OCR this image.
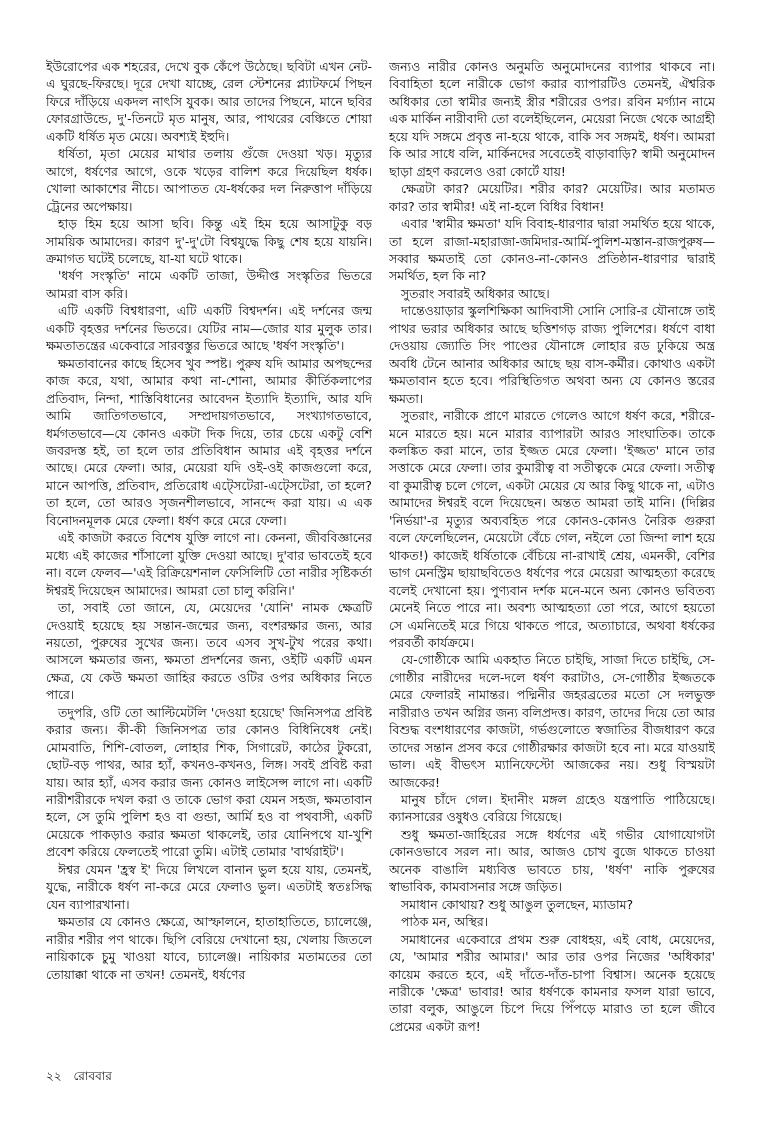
ইউরোপের এক শহরের, দেখে বুক কেঁপে উঠেছে। ছবিটা এখন নেট-এ ঘুরছে-ফিরছে। দূরে দেখা যাচ্ছে, রেল স্টেশনের প্ল্যাটফর্মে পিছন ফিরে দাঁড়িয়ে একদল নাৎসি যুবক। আর তাদের পিছনে, মানে ছবির ফোরগ্রাউন্ডে, দু'-তিনটে মৃত মানুষ, আর, পাথরের বেঞ্চিতে শোয়া একটি ধর্ষিত মৃত মেয়ে। অবশ্যই ইহুদি।

ধর্ষিতা, মৃতা মেয়ের মাথার তলায় গুঁজে দেওয়া খড়। মৃত্যুর আগে, ধর্ষণের আগে, ওকে খড়ের বালিশ করে দিয়েছিল ধর্ষক। খোলা আকাশের নীচে। আপাতত যে-ধর্ষকের দল নিরুত্তাপ দাঁড়িয়ে ট্রেনের অপেক্ষায়।

হাড় হিম হয়ে আসা ছবি। কিন্তু এই হিম হয়ে আসাটুকু বড় সাময়িক আমাদের। কারণ দু'-দু'টো বিশ্বযুদ্ধে কিছু শেষ হয়ে যায়নি। ক্রমাগত ঘটেই চলেছে, যা-যা ঘটে থাকে।

'ধর্ষণ সংস্কৃতি' নামে একটি তাজা, উদ্দীপ্ত সংস্কৃতির ভিতরে আমরা বাস করি।

এটি একটি বিশ্বধারণা, এটি একটি বিশ্বদর্শন। এই দর্শনের জন্ম একটি বৃহত্তর দর্শনের ভিতরে। যেটির নাম—জোর যার মুলুক তার। ক্ষমতাতন্ত্রের একেবারে সারবস্তুর ভিতরে আছে 'ধর্ষণ সংস্কৃতি'।

ক্ষমতাবানের কাছে হিসেব খুব স্পষ্ট। পুরুষ যদি আমার অপছন্দের কাজ করে, যথা, আমার কথা না-শোনা, আমার কীর্তিকলাপের প্রতিবাদ, নিন্দা, শাস্তিবিধানের আবেদন ইত্যাদি ইত্যাদি, আর যদি আমি জাতিগতভাবে, সম্প্রদায়গতভাবে, সংখ্যাগতভাবে, ধর্মগতভাবে—যে কোনও একটা দিক দিয়ে, তার চেয়ে একটু বেশি জবরদস্ত হই, তা হলে তার প্রতিবিধান আমার এই বৃহত্তর দর্শনে আছে। মেরে ফেলা। আর, মেয়েরা যদি ওই-ওই কাজগুলো করে, মানে আপত্তি, প্রতিবাদ, প্রতিরোধ এট্সেটেরা-এট্সেটেরা, তা হলে? তা হলে, তো আরও সৃজনশীলভাবে, সানন্দে করা যায়। এ এক বিনোদনমূলক মেরে ফেলা। ধর্ষণ করে মেরে ফেলা।

এই কাজটা করতে বিশেষ যুক্তি লাগে না। কেননা, জীববিজ্ঞানের মধ্যে এই কাজের শাঁসালো যুক্তি দেওয়া আছে। দু'বার ভাবতেই হবে না। বলে ফেলব—'এই রিক্রিয়েশনাল ফেসিলিটি তো নারীর সৃষ্টিকর্তা ঈশ্বরই দিয়েছেন আমাদের। আমরা তো চালু করিনি।'

তা, সবাই তো জানে, যে, মেয়েদের 'যোনি' নামক ক্ষেত্রটি দেওয়াই হয়েছে হয় সন্তান-জন্মের জন্য, বংশরক্ষার জন্য, আর নয়তো, পুরুষের সুখের জন্য। তবে এসব সুখ-টুখ পরের কথা। আসলে ক্ষমতার জন্য, ক্ষমতা প্রদর্শনের জন্য, ওইটি একটি এমন ক্ষেত্র, যে কেউ ক্ষমতা জাহির করতে ওটির ওপর অধিকার নিতে পারে।

তদুপরি, ওটি তো আল্টিমেটলি 'দেওয়া হয়েছে' জিনিসপত্র প্রবিষ্ট করার জন্য। কী-কী জিনিসপত্র তার কোনও বিধিনিষেধ নেই। মোমবাতি, শিশি-বোতল, লোহার শিক, সিগারেট, কাঠের টুকরো, ছোট-বড় পাথর, আর হ্যাঁ, কখনও-কখনও, লিঙ্গ। সবই প্রবিষ্ট করা যায়। আর হ্যাঁ, এসব করার জন্য কোনও লাইসেন্স লাগে না। একটি নারীশরীরকে দখল করা ও তাকে ভোগ করা যেমন সহজ, ক্ষমতাবান হলে, সে তুমি পুলিশ হও বা গুন্ডা, আর্মি হও বা পথবাসী, একটি মেয়েকে পাকড়াও করার ক্ষমতা থাকলেই, তার যোনিপথে যা-খুশি প্রবেশ করিয়ে ফেলতেই পারো তুমি। এটাই তোমার 'বার্থরাইট'।

ঈশ্বর যেমন 'হ্রস্ব ই' দিয়ে লিখলে বানান ভুল হয়ে যায়, তেমনই, যুদ্ধে, নারীকে ধর্ষণ না-করে মেরে ফেলাও ভুল। এতটাই স্বতঃসিদ্ধ যেন ব্যাপারখানা।

ক্ষমতার যে কোনও ক্ষেত্রে, আস্ফালনে, হাতাহাতিতে, চ্যালেঞ্জে, নারীর শরীর পণ থাকে। ছিপি বেরিয়ে দেখানো হয়, খেলায় জিতলে নায়িকাকে চুমু খাওয়া যাবে, চ্যালেঞ্জ। নায়িকার মতামতের তো তোয়াক্কা থাকে না তখন! তেমনই, ধর্ষণের

জন্যও নারীর কোনও অনুমতি অনুমোদনের ব্যাপার থাকবে না। বিবাহিতা হলে নারীকে ভোগ করার ব্যাপারটিও তেমনই, ঐশ্বরিক অধিকার তো স্বামীর জন্যই স্ত্রীর শরীরের ওপর। রবিন মর্গ্যান নামে এক মার্কিন নারীবাদী তো বলেইছিলেন, মেয়েরা নিজে থেকে আগ্রহী হয়ে যদি সঙ্গমে প্রবৃত্ত না-হয়ে থাকে, বাকি সব সঙ্গমই, ধর্ষণ। আমরা কি আর সাধে বলি, মার্কিনদের সবেতেই বাড়াবাড়ি? স্বামী অনুমোদন ছাড়া গ্রহণ করলেও ওরা কোর্টে যায়!

ক্ষেত্রটা কার? মেয়েটির। শরীর কার? মেয়েটির। আর মতামত কার? তার স্বামীর! এই না-হলে বিধির বিধান!

এবার 'স্বামীর ক্ষমতা' যদি বিবাহ-ধারণার দ্বারা সমর্থিত হয়ে থাকে, তা হলে রাজা-মহারাজা-জমিদার-আর্মি-পুলিশ-মস্তান-রাজপুরুষ—সব্বার ক্ষমতাই তো কোনও-না-কোনও প্রতিষ্ঠান-ধারণার দ্বারাই সমর্থিত, হল কি না?

সুতরাং সবারই অধিকার আছে।

দান্তেওয়াড়ার স্কুলশিক্ষিকা আদিবাসী সোনি সোরি-র যৌনাঙ্গে তাই পাথর ভরার অধিকার আছে ছত্তিশগড় রাজ্য পুলিশের। ধর্ষণে বাধা দেওয়ায় জ্যোতি সিং পাণ্ডের যৌনাঙ্গে লোহার রড ঢুকিয়ে অন্ত্র অবধি টেনে আনার অধিকার আছে ছয় বাস-কর্মীর। কোথাও একটা ক্ষমতাবান হতে হবে। পরিস্থিতিগত অথবা অন্য যে কোনও স্তরের ক্ষমতা।

সুতরাং, নারীকে প্রাণে মারতে গেলেও আগে ধর্ষণ করে, শরীরে-মনে মারতে হয়। মনে মারার ব্যাপারটা আরও সাংঘাতিক। তাকে কলঙ্কিত করা মানে, তার ইজ্জত মেরে ফেলা। 'ইজ্জত' মানে তার সত্তাকে মেরে ফেলা। তার কুমারীত্ব বা সতীত্বকে মেরে ফেলা। সতীত্ব বা কুমারীত্ব চলে গেলে, একটা মেয়ের যে আর কিছু থাকে না, এটাও আমাদের ঈশ্বরই বলে দিয়েছেন। অন্তত আমরা তাই মানি। (দিল্লির 'নির্ভয়া'-র মৃত্যুর অব্যবহিত পরে কোনও-কোনও নৈরিক গুরুরা বলে ফেলেছিলেন, মেয়েটো বেঁচে গেল, নইলে তো জিন্দা লাশ হয়ে থাকত!) কাজেই ধর্ষিতাকে বেঁচিয়ে না-রাখাই শ্রেয়, এমনকী, বেশির ভাগ মেনস্ট্রিম ছায়াছবিতেও ধর্ষণের পরে মেয়েরা আত্মহত্যা করেছে বলেই দেখানো হয়। পুণ্যবান দর্শক মনে-মনে অন্য কোনও ভবিতব্য মেনেই নিতে পারে না। অবশ্য আত্মহত্যা তো পরে, আগে হয়তো সে এমনিতেই মরে গিয়ে থাকতে পারে, অত্যাচারে, অথবা ধর্ষকের পরবর্তী কার্যক্রমে।

যে-গোষ্ঠীকে আমি একহাত নিতে চাইছি, সাজা দিতে চাইছি, সে-গোষ্ঠীর নারীদের দলে-দলে ধর্ষণ করাটাও, সে-গোষ্ঠীর ইজ্জতকে মেরে ফেলারই নামান্তর। পদ্মিনীর জহরব্রতের মতো সে দলভুক্ত নারীরাও তখন অগ্নির জন্য বলিপ্রদত্ত। কারণ, তাদের দিয়ে তো আর বিশুদ্ধ বংশধারণের কাজটা, গর্ভগুলোতে স্বজাতির বীজধারণ করে তাদের সন্তান প্রসব করে গোষ্ঠীরক্ষার কাজটা হবে না। মরে যাওয়াই ভাল। এই বীভৎস ম্যানিফেস্টো আজকের নয়। শুধু বিস্ময়টা আজকের!

মানুষ চাঁদে গেল। ইদানীং মঙ্গল গ্রহেও যন্ত্রপাতি পাঠিয়েছে। ক্যানসারের ওষুধও বেরিয়ে গিয়েছে।

শুধু ক্ষমতা-জাহিরের সঙ্গে ধর্ষণের এই গভীর যোগাযোগটা কোনওভাবে সরল না। আর, আজও চোখ বুজে থাকতে চাওয়া অনেক বাঙালি মধ্যবিত্ত ভাবতে চায়, 'ধর্ষণ' নাকি পুরুষের স্বাভাবিক, কামবাসনার সঙ্গে জড়িত।

সমাধান কোথায়? শুধু আঙুল তুলছেন, ম্যাডাম?

পাঠক মন, অস্থির।

সমাধানের একেবারে প্রথম শুরু বোধহয়, এই বোধ, মেয়েদের, যে, 'আমার শরীর আমার।' আর তার ওপর নিজের 'অধিকার' কায়েম করতে হবে, এই দাঁতে-দাঁত-চাপা বিশ্বাস। অনেক হয়েছে নারীকে 'ক্ষেত্র' ভাবার! আর ধর্ষণকে কামনার ফসল যারা ভাবে, তারা বলুক, আঙুলে চিপে দিয়ে পিঁপড়ে মারাও তা হলে জীবে প্রেমের একটা রূপ!

২২ রোববার
